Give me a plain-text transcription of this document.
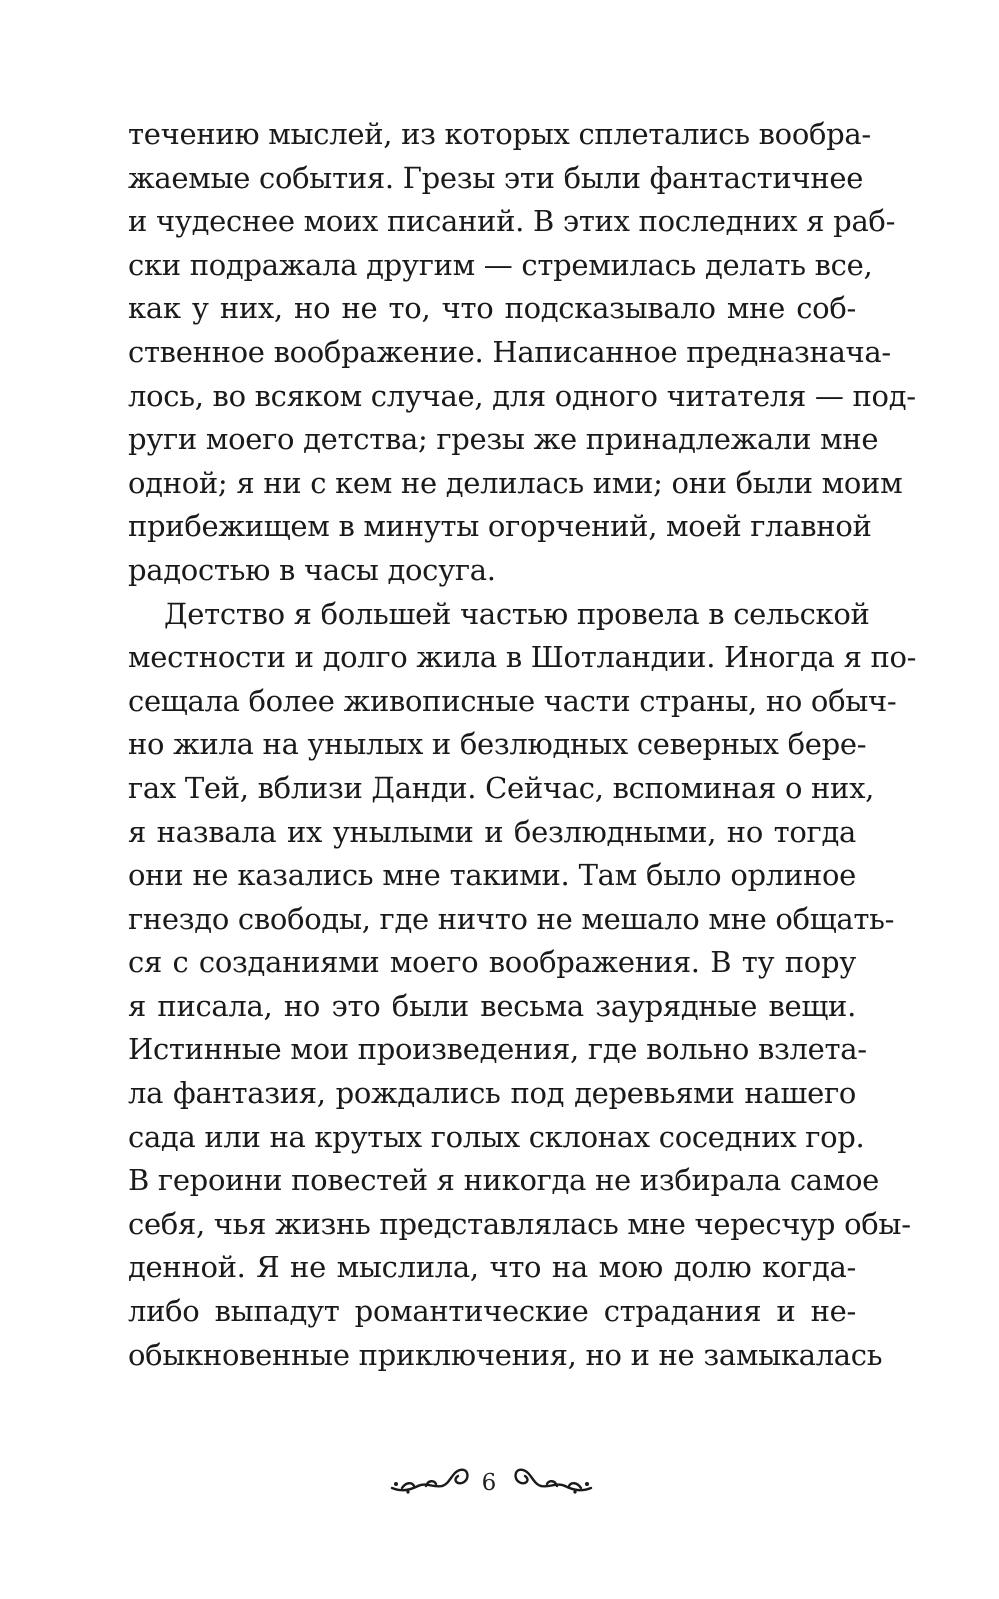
течению мыслей, из которых сплетались вообра-
жаемые события. Грезы эти были фантастичнее
и чудеснее моих писаний. В этих последних я раб-
ски подражала другим — стремилась делать все,
как у них, но не то, что подсказывало мне соб-
ственное воображение. Написанное предназнача-
лось, во всяком случае, для одного читателя — под-
руги моего детства; грезы же принадлежали мне
одной; я ни с кем не делилась ими; они были моим
прибежищем в минуты огорчений, моей главной
радостью в часы досуга.
Детство я большей частью провела в сельской
местности и долго жила в Шотландии. Иногда я по-
сещала более живописные части страны, но обыч-
но жила на унылых и безлюдных северных бере-
гах Тей, вблизи Данди. Сейчас, вспоминая о них,
я назвала их унылыми и безлюдными, но тогда
они не казались мне такими. Там было орлиное
гнездо свободы, где ничто не мешало мне общать-
ся с созданиями моего воображения. В ту пору
я писала, но это были весьма заурядные вещи.
Истинные мои произведения, где вольно взлета-
ла фантазия, рождались под деревьями нашего
сада или на крутых голых склонах соседних гор.
В героини повестей я никогда не избирала самое
себя, чья жизнь представлялась мне чересчур обы-
денной. Я не мыслила, что на мою долю когда-
либо выпадут романтические страдания и не-
обыкновенные приключения, но и не замыкалась
6
